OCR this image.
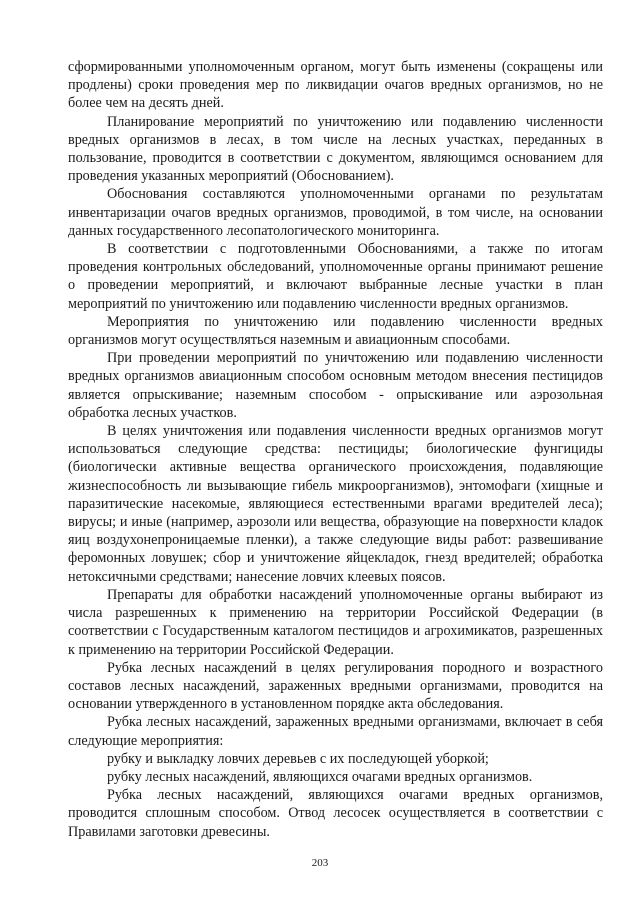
сформированными уполномоченным органом, могут быть изменены (сокращены или продлены) сроки проведения мер по ликвидации очагов вредных организмов, но не более чем на десять дней.

Планирование мероприятий по уничтожению или подавлению численности вредных организмов в лесах, в том числе на лесных участках, переданных в пользование, проводится в соответствии с документом, являющимся основанием для проведения указанных мероприятий (Обоснованием).

Обоснования составляются уполномоченными органами по результатам инвентаризации очагов вредных организмов, проводимой, в том числе, на основании данных государственного лесопатологического мониторинга.

В соответствии с подготовленными Обоснованиями, а также по итогам проведения контрольных обследований, уполномоченные органы принимают решение о проведении мероприятий, и включают выбранные лесные участки в план мероприятий по уничтожению или подавлению численности вредных организмов.

Мероприятия по уничтожению или подавлению численности вредных организмов могут осуществляться наземным и авиационным способами.

При проведении мероприятий по уничтожению или подавлению численности вредных организмов авиационным способом основным методом внесения пестицидов является опрыскивание; наземным способом - опрыскивание или аэрозольная обработка лесных участков.

В целях уничтожения или подавления численности вредных организмов могут использоваться следующие средства: пестициды; биологические фунгициды (биологически активные вещества органического происхождения, подавляющие жизнеспособность ли вызывающие гибель микроорганизмов), энтомофаги (хищные и паразитические насекомые, являющиеся естественными врагами вредителей леса); вирусы; и иные (например, аэрозоли или вещества, образующие на поверхности кладок яиц воздухонепроницаемые пленки), а также следующие виды работ: развешивание феромонных ловушек; сбор и уничтожение яйцекладок, гнезд вредителей; обработка нетоксичными средствами; нанесение ловчих клеевых поясов.

Препараты для обработки насаждений уполномоченные органы выбирают из числа разрешенных к применению на территории Российской Федерации (в соответствии с Государственным каталогом пестицидов и агрохимикатов, разрешенных к применению на территории Российской Федерации.

Рубка лесных насаждений в целях регулирования породного и возрастного составов лесных насаждений, зараженных вредными организмами, проводится на основании утвержденного в установленном порядке акта обследования.

Рубка лесных насаждений, зараженных вредными организмами, включает в себя следующие мероприятия:

рубку и выкладку ловчих деревьев с их последующей уборкой;

рубку лесных насаждений, являющихся очагами вредных организмов.

Рубка лесных насаждений, являющихся очагами вредных организмов, проводится сплошным способом. Отвод лесосек осуществляется в соответствии с Правилами заготовки древесины.

203
